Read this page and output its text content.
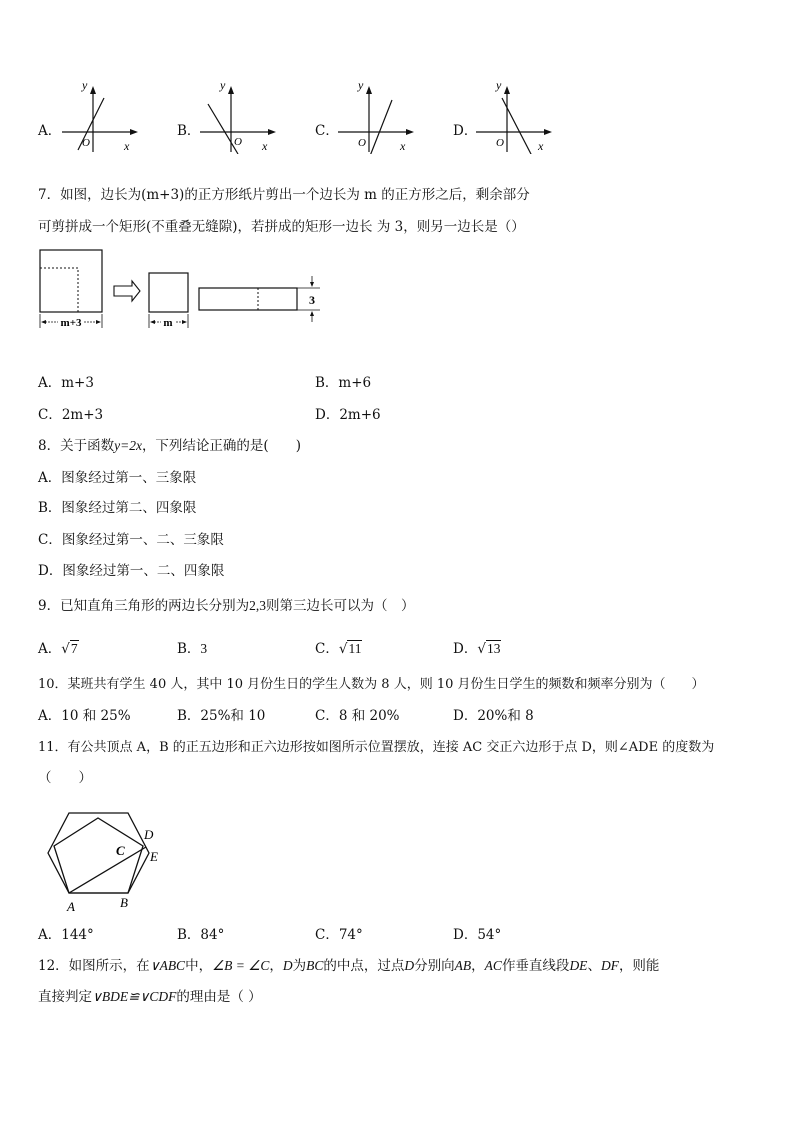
A．	B．	C．	D．
y
x
O
y
x
O
y
x
O
y
x
O
7．如图，边长为(m+3)的正方形纸片剪出一个边长为 m 的正方形之后，剩余部分
可剪拼成一个矩形(不重叠无缝隙)，若拼成的矩形一边长 为 3，则另一边长是（）
m+3	m
3
A．m+3	B．m+6
C．2m+3	D．2m+6
8．关于函数y=2x，下列结论正确的是(　　)
A．图象经过第一、三象限
B．图象经过第二、四象限
C．图象经过第一、二、三象限
D．图象经过第一、二、四象限
9．已知直角三角形的两边长分别为2,3则第三边长可以为（　）
A．√7	B．3	C．√11	D．√13
10．某班共有学生 40 人，其中 10 月份生日的学生人数为 8 人，则 10 月份生日学生的频数和频率分别为（　　）
A．10 和 25%	B．25%和 10	C．8 和 20%	D．20%和 8
11．有公共顶点 A，B 的正五边形和正六边形按如图所示位置摆放，连接 AC 交正六边形于点 D，则∠ADE 的度数为
（　　）
A	B
C
D
E
A．144°	B．84°	C．74°	D．54°
12．如图所示，在∨ABC中，∠B = ∠C，D为BC的中点，过点D分别向AB，AC作垂直线段DE、DF，则能
直接判定∨BDE≌∨CDF的理由是（ ）
